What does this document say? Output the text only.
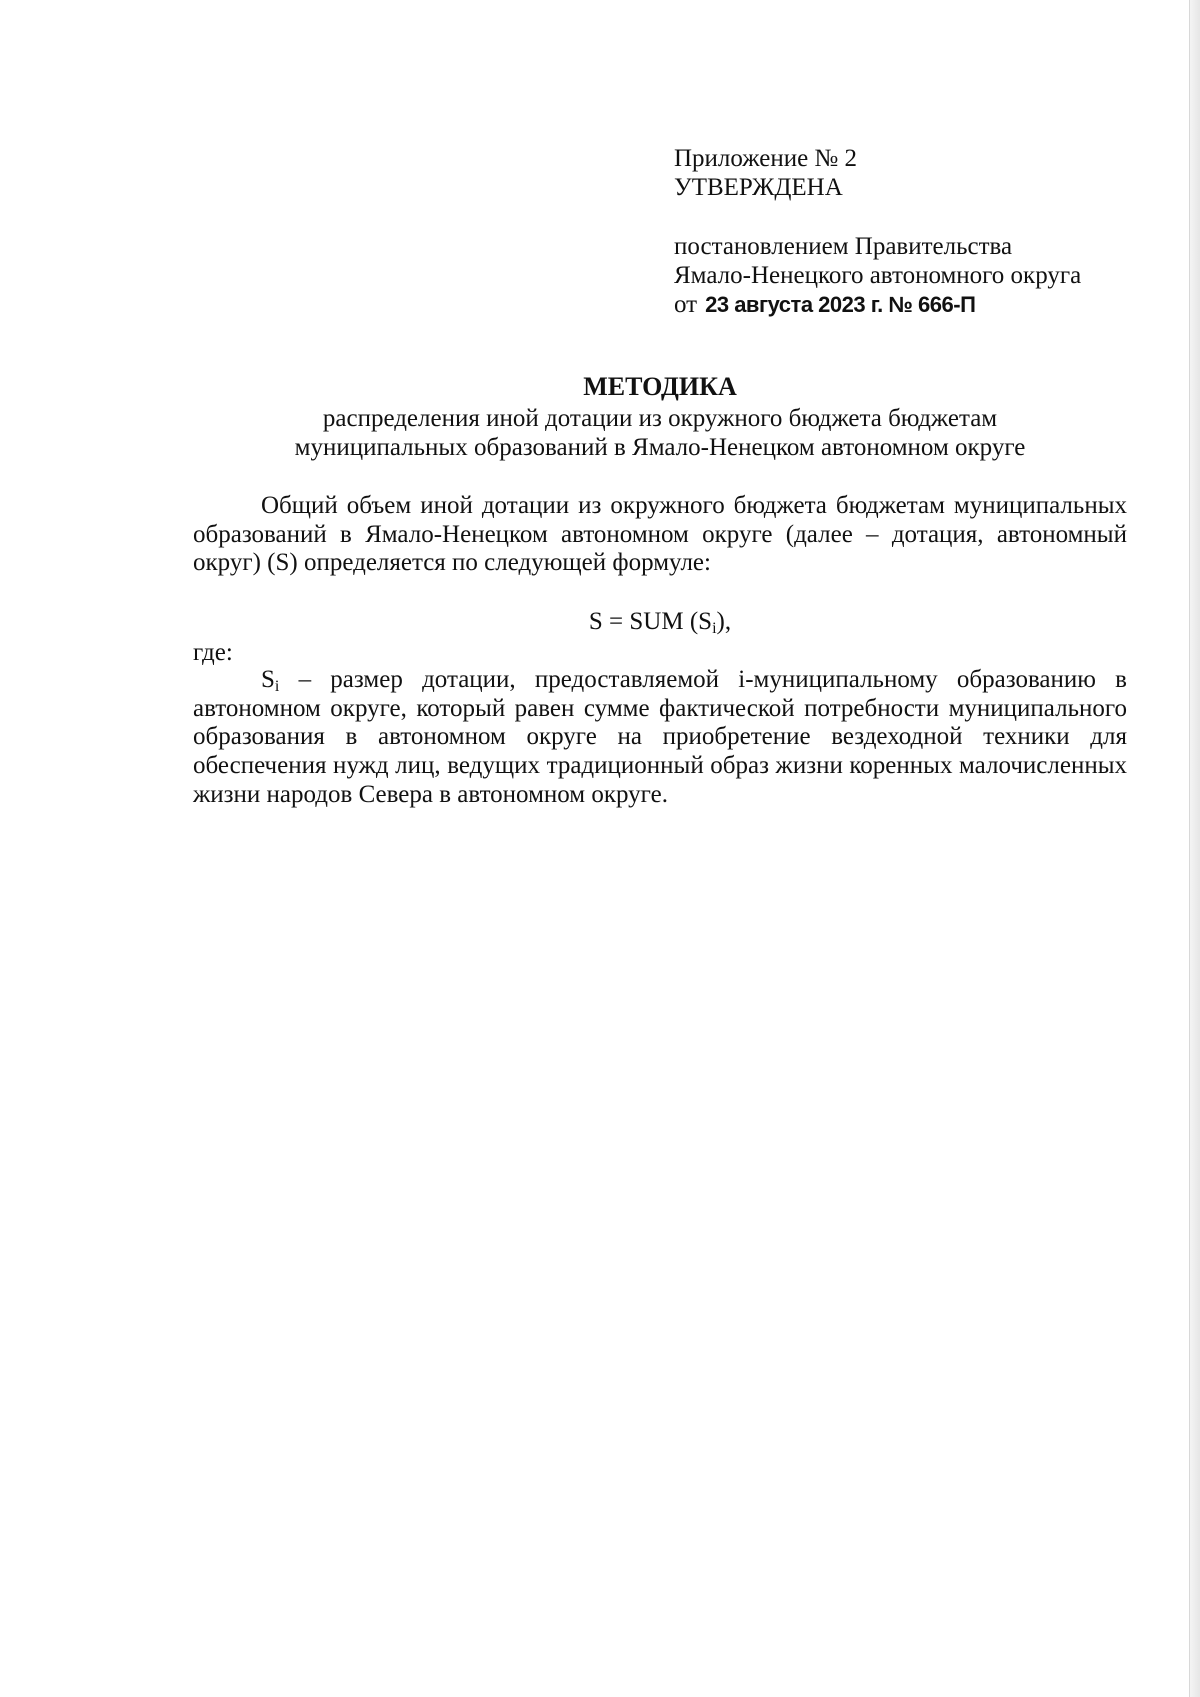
Приложение № 2
УТВЕРЖДЕНА
постановлением Правительства
Ямало-Ненецкого автономного округа
от 23 августа 2023 г. № 666-П
МЕТОДИКА
распределения иной дотации из окружного бюджета бюджетам
муниципальных образований в Ямало-Ненецком автономном округе

Общий объем иной дотации из окружного бюджета бюджетам муниципальных образований в Ямало-Ненецком автономном округе (далее – дотация, автономный округ) (S) определяется по следующей формуле:

S = SUM $(S_i)$,
где:

$S_i$ – размер дотации, предоставляемой i-муниципальному образованию в автономном округе, который равен сумме фактической потребности муниципального образования в автономном округе на приобретение вездеходной техники для обеспечения нужд лиц, ведущих традиционный образ жизни коренных малочисленных жизни народов Севера в автономном округе.
